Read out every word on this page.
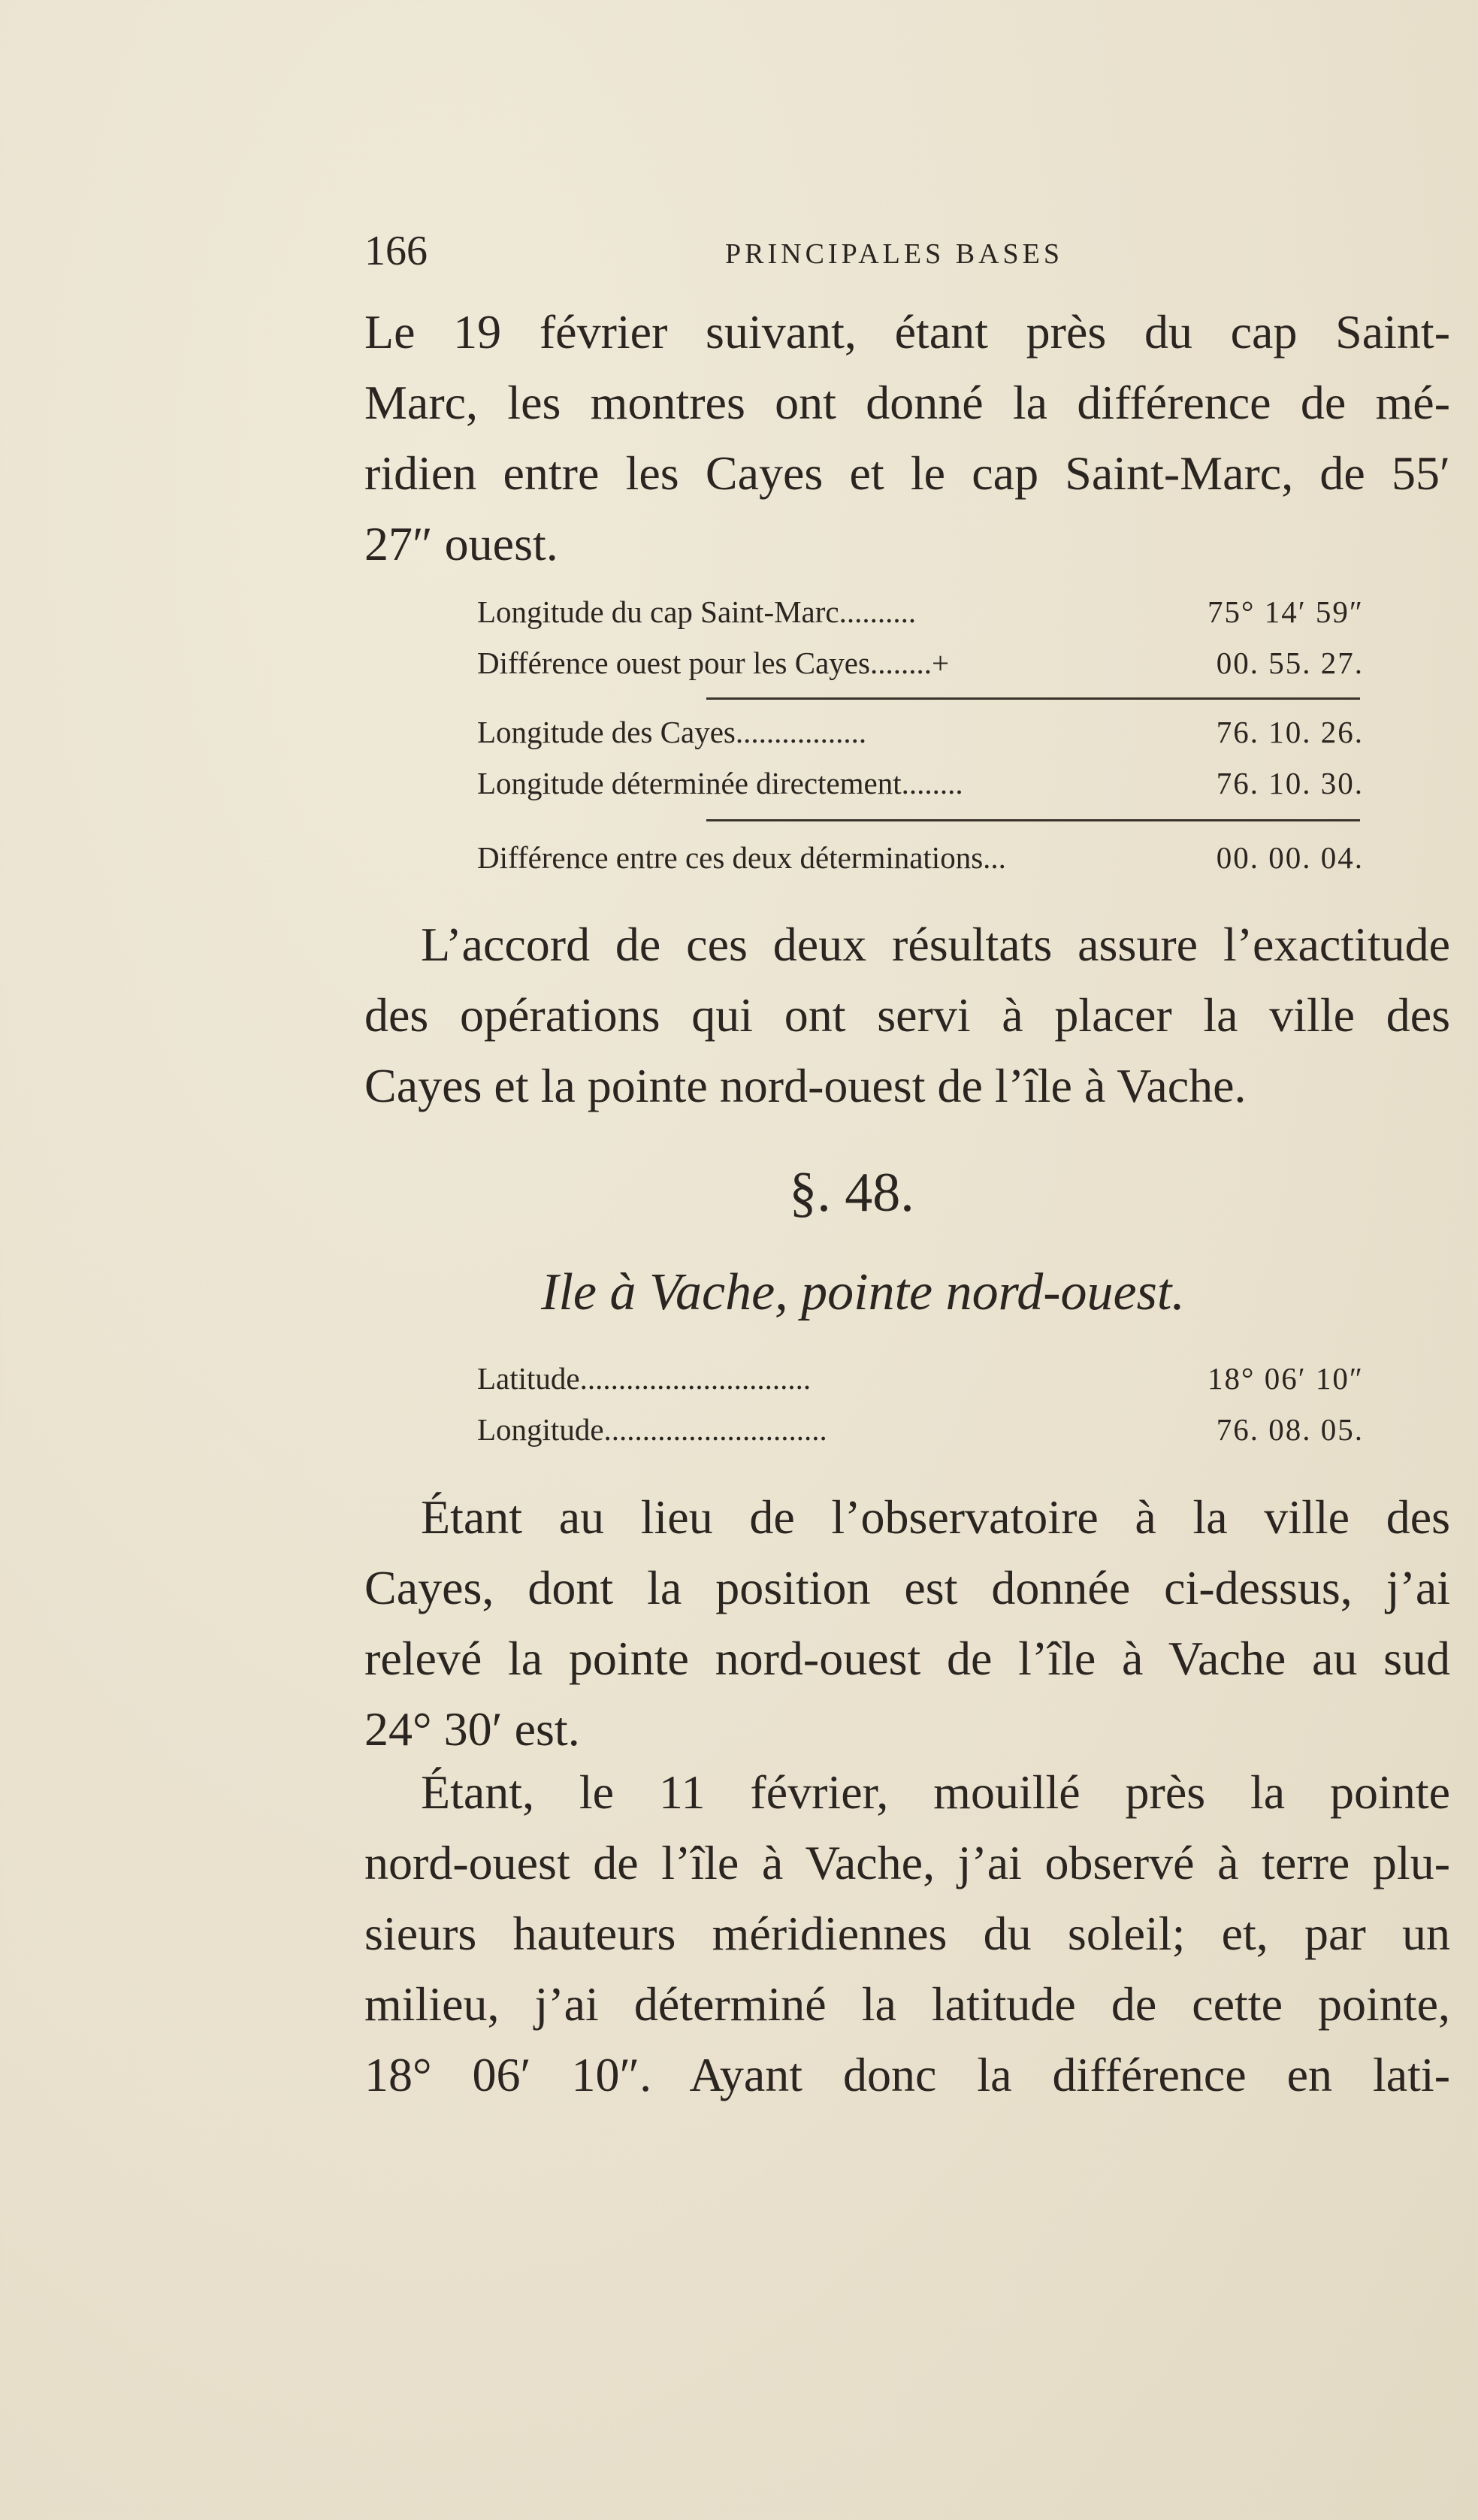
166	PRINCIPALES BASES
Le 19 février suivant, étant près du cap Saint-
Marc, les montres ont donné la différence de mé-
ridien entre les Cayes et le cap Saint-Marc, de 55′
27″ ouest.
Longitude du cap Saint-Marc..........	75° 14′ 59″
Différence ouest pour les Cayes........+	00. 55. 27.
Longitude des Cayes.................	76. 10. 26.
Longitude déterminée directement........	76. 10. 30.
Différence entre ces deux déterminations...	00. 00. 04.
L’accord de ces deux résultats assure l’exactitude
des opérations qui ont servi à placer la ville des
Cayes et la pointe nord-ouest de l’île à Vache.
§. 48.
Ile à Vache, pointe nord-ouest.
Latitude..............................	18° 06′ 10″
Longitude.............................	76. 08. 05.
Étant au lieu de l’observatoire à la ville des
Cayes, dont la position est donnée ci-dessus, j’ai
relevé la pointe nord-ouest de l’île à Vache au sud
24° 30′ est.
Étant, le 11 février, mouillé près la pointe
nord-ouest de l’île à Vache, j’ai observé à terre plu-
sieurs hauteurs méridiennes du soleil; et, par un
milieu, j’ai déterminé la latitude de cette pointe,
18° 06′ 10″. Ayant donc la différence en lati-
